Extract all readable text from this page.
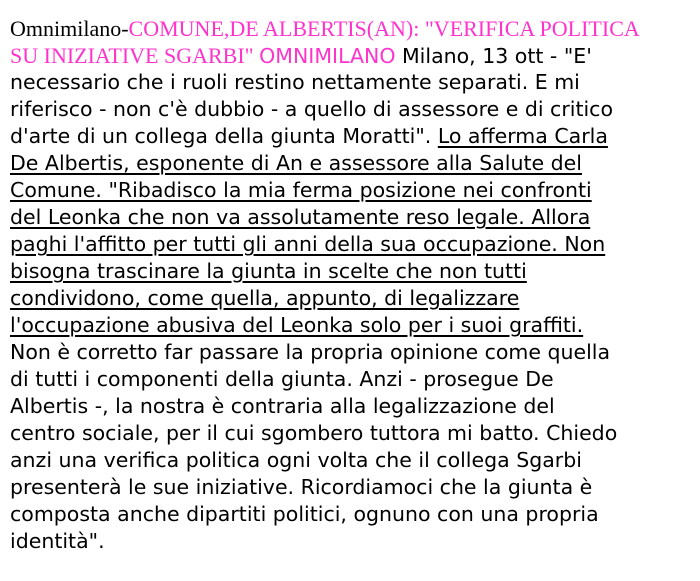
Omnimilano-COMUNE,DE ALBERTIS(AN): "VERIFICA POLITICA
SU INIZIATIVE SGARBI" OMNIMILANO Milano, 13 ott - "E'
necessario che i ruoli restino nettamente separati. E mi
riferisco - non c'è dubbio - a quello di assessore e di critico
d'arte di un collega della giunta Moratti". Lo afferma Carla
De Albertis, esponente di An e assessore alla Salute del
Comune. "Ribadisco la mia ferma posizione nei confronti
del Leonka che non va assolutamente reso legale. Allora
paghi l'affitto per tutti gli anni della sua occupazione. Non
bisogna trascinare la giunta in scelte che non tutti
condividono, come quella, appunto, di legalizzare
l'occupazione abusiva del Leonka solo per i suoi graffiti.
Non è corretto far passare la propria opinione come quella
di tutti i componenti della giunta. Anzi - prosegue De
Albertis -, la nostra è contraria alla legalizzazione del
centro sociale, per il cui sgombero tuttora mi batto. Chiedo
anzi una verifica politica ogni volta che il collega Sgarbi
presenterà le sue iniziative. Ricordiamoci che la giunta è
composta anche dipartiti politici, ognuno con una propria
identità".
